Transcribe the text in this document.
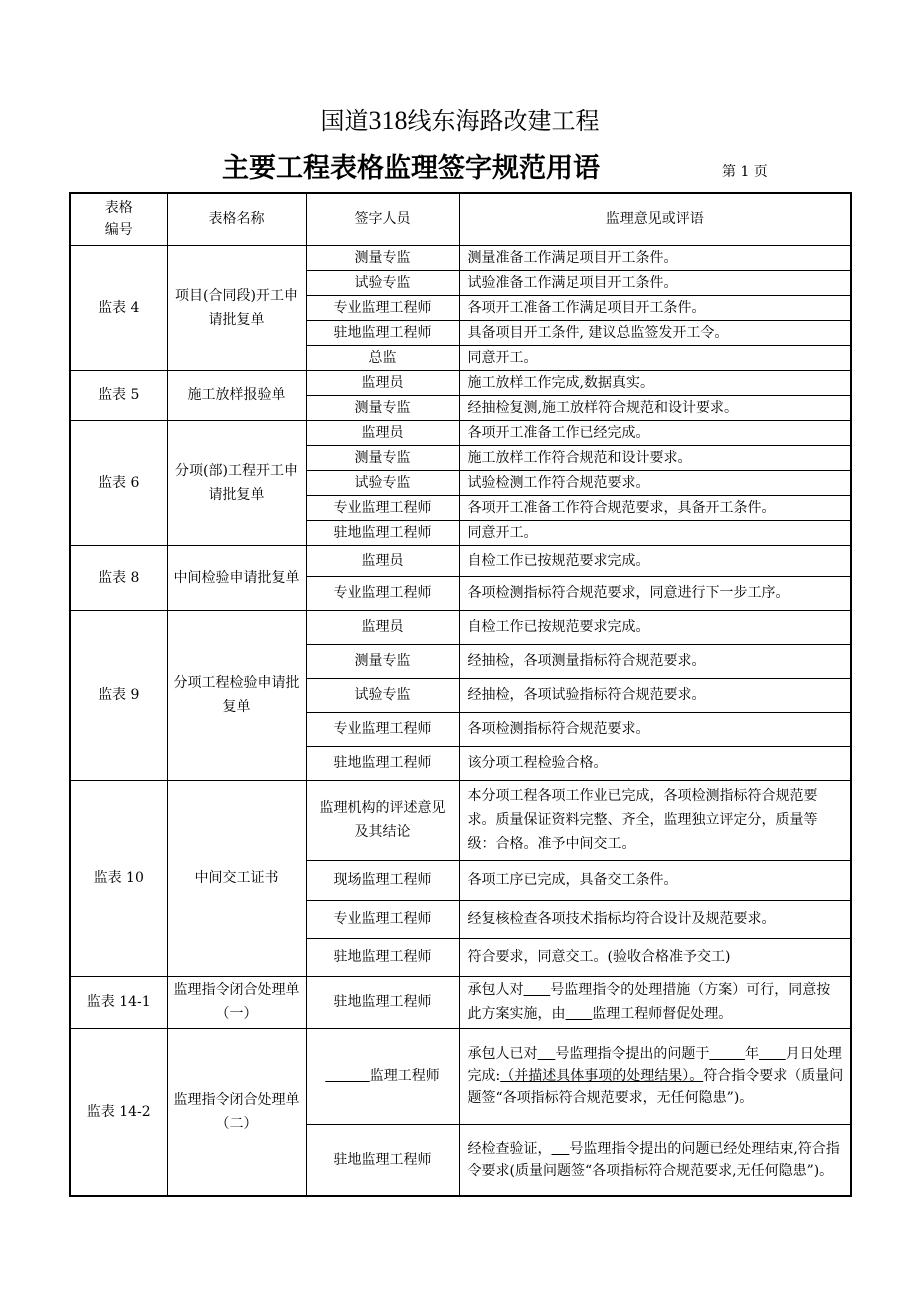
国道318线东海路改建工程
主要工程表格监理签字规范用语	第 1 页
表格
编号	表格名称	签字人员	监理意见或评语
监表 4	项目(合同段)开工申请批复单	测量专监	测量准备工作满足项目开工条件。
		试验专监	试验准备工作满足项目开工条件。
		专业监理工程师	各项开工准备工作满足项目开工条件。
		驻地监理工程师	具备项目开工条件, 建议总监签发开工令。
		总监	同意开工。
监表 5	施工放样报验单	监理员	施工放样工作完成,数据真实。
		测量专监	经抽检复测,施工放样符合规范和设计要求。
监表 6	分项(部)工程开工申请批复单	监理员	各项开工准备工作已经完成。
		测量专监	施工放样工作符合规范和设计要求。
		试验专监	试验检测工作符合规范要求。
		专业监理工程师	各项开工准备工作符合规范要求，具备开工条件。
		驻地监理工程师	同意开工。
监表 8	中间检验申请批复单	监理员	自检工作已按规范要求完成。
		专业监理工程师	各项检测指标符合规范要求，同意进行下一步工序。
监表 9	分项工程检验申请批复单	监理员	自检工作已按规范要求完成。
		测量专监	经抽检，各项测量指标符合规范要求。
		试验专监	经抽检，各项试验指标符合规范要求。
		专业监理工程师	各项检测指标符合规范要求。
		驻地监理工程师	该分项工程检验合格。
监表 10	中间交工证书	监理机构的评述意见及其结论	本分项工程各项工作业已完成，各项检测指标符合规范要求。质量保证资料完整、齐全，监理独立评定分，质量等级：合格。准予中间交工。
		现场监理工程师	各项工序已完成，具备交工条件。
		专业监理工程师	经复核检查各项技术指标均符合设计及规范要求。
		驻地监理工程师	符合要求，同意交工。(验收合格准予交工)
监表 14-1	监理指令闭合处理单（一）	驻地监理工程师	承包人对    号监理指令的处理措施（方案）可行，同意按此方案实施，由    监理工程师督促处理。
监表 14-2	监理指令闭合处理单（二）	     监理工程师	承包人已对   号监理指令提出的问题于     年    月日处理完成:（并描述具体事项的处理结果）。符合指令要求（质量问题签“各项指标符合规范要求，无任何隐患”)。
		驻地监理工程师	经检查验证，   号监理指令提出的问题已经处理结束,符合指令要求(质量问题签“各项指标符合规范要求,无任何隐患”)。
